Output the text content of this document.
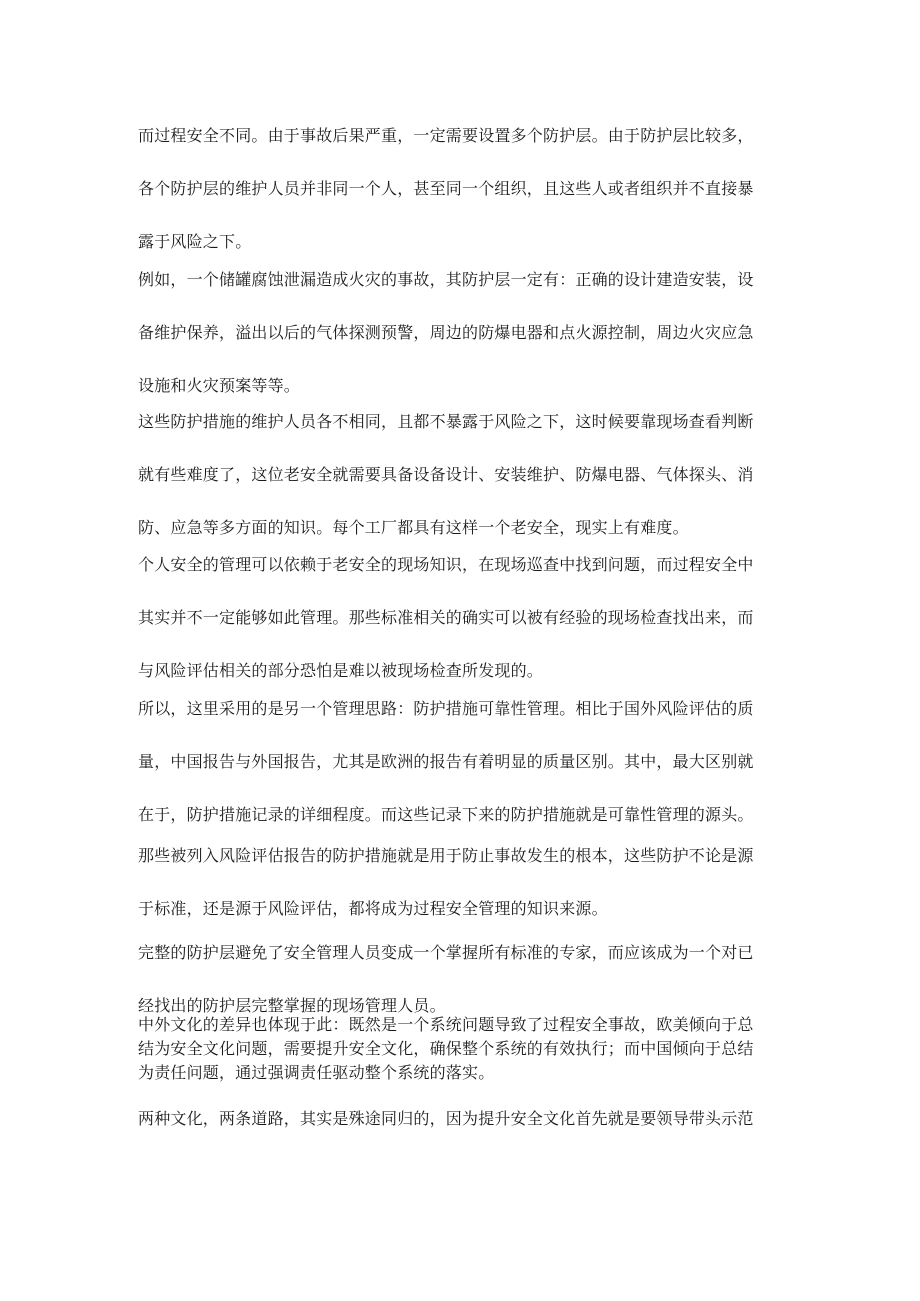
而过程安全不同。由于事故后果严重，一定需要设置多个防护层。由于防护层比较多，
各个防护层的维护人员并非同一个人，甚至同一个组织，且这些人或者组织并不直接暴
露于风险之下。
例如，一个储罐腐蚀泄漏造成火灾的事故，其防护层一定有：正确的设计建造安装，设
备维护保养，溢出以后的气体探测预警，周边的防爆电器和点火源控制，周边火灾应急
设施和火灾预案等等。
这些防护措施的维护人员各不相同，且都不暴露于风险之下，这时候要靠现场查看判断
就有些难度了，这位老安全就需要具备设备设计、安装维护、防爆电器、气体探头、消
防、应急等多方面的知识。每个工厂都具有这样一个老安全，现实上有难度。
个人安全的管理可以依赖于老安全的现场知识，在现场巡查中找到问题，而过程安全中
其实并不一定能够如此管理。那些标准相关的确实可以被有经验的现场检查找出来，而
与风险评估相关的部分恐怕是难以被现场检查所发现的。
所以，这里采用的是另一个管理思路：防护措施可靠性管理。相比于国外风险评估的质
量，中国报告与外国报告，尤其是欧洲的报告有着明显的质量区别。其中，最大区别就
在于，防护措施记录的详细程度。而这些记录下来的防护措施就是可靠性管理的源头。
那些被列入风险评估报告的防护措施就是用于防止事故发生的根本，这些防护不论是源
于标准，还是源于风险评估，都将成为过程安全管理的知识来源。
完整的防护层避免了安全管理人员变成一个掌握所有标准的专家，而应该成为一个对已
经找出的防护层完整掌握的现场管理人员。
中外文化的差异也体现于此：既然是一个系统问题导致了过程安全事故，欧美倾向于总
结为安全文化问题，需要提升安全文化，确保整个系统的有效执行；而中国倾向于总结
为责任问题，通过强调责任驱动整个系统的落实。
两种文化，两条道路，其实是殊途同归的，因为提升安全文化首先就是要领导带头示范
